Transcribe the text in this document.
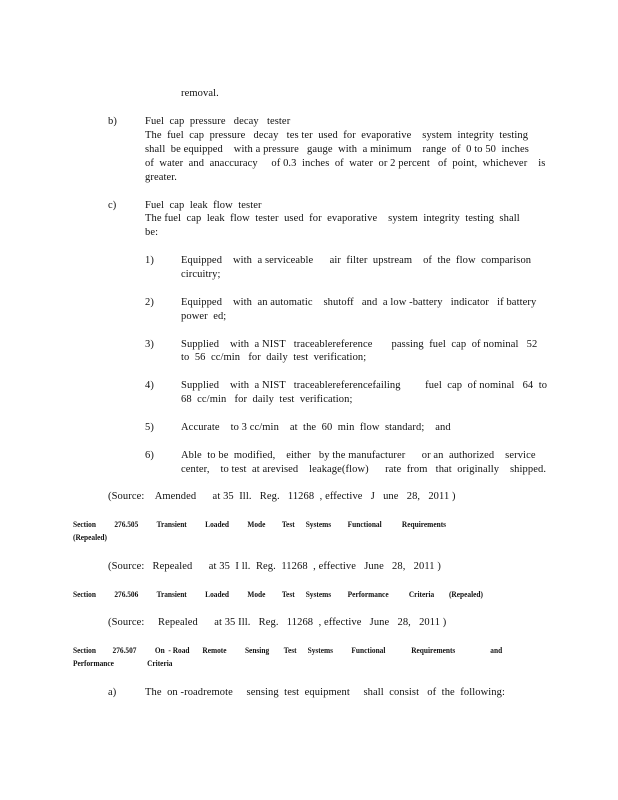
removal.
b)	Fuel  cap  pressure   decay   tester
The  fuel  cap  pressure   decay   tes ter  used  for  evaporative    system  integrity  testing
shall  be equipped    with a pressure   gauge  with  a minimum    range  of  0 to 50  inches
of  water  and  anaccuracy     of 0.3  inches  of  water  or 2 percent   of  point,  whichever    is
greater.
c)	Fuel  cap  leak  flow  tester
The fuel  cap  leak  flow  tester  used  for  evaporative    system  integrity  testing  shall
be:
1)	Equipped    with  a serviceable      air  filter  upstream    of  the  flow  comparison
circuitry;
2)	Equipped    with  an automatic    shutoff   and  a low -battery   indicator   if battery
power  ed;
3)	Supplied    with  a NIST   traceablereference       passing  fuel  cap  of nominal   52
to  56  cc/min   for  daily  test  verification;
4)	Supplied    with  a NIST   traceablereferencefailing         fuel  cap  of nominal   64  to
68  cc/min   for  daily  test  verification;
5)	Accurate    to 3 cc/min    at  the  60  min  flow  standard;    and
6)	Able  to be  modified,    either   by the manufacturer      or an  authorized    service
center,    to test  at arevised    leakage(flow)      rate  from   that  originally    shipped.
(Source:    Amended      at 35  Ill.   Reg.   11268  , effective   J   une   28,   2011 )
Section          276.505          Transient          Loaded          Mode         Test      Systems         Functional           Requirements
(Repealed)
(Source:   Repealed      at 35  I ll.  Reg.  11268  , effective   June   28,   2011 )
Section          276.506          Transient          Loaded          Mode         Test      Systems         Performance           Criteria        (Repealed)
(Source:     Repealed      at 35 Ill.   Reg.   11268  , effective   June   28,   2011 )
Section         276.507          On  - Road       Remote          Sensing        Test      Systems          Functional              Requirements                   and
Performance                  Criteria
a)	The  on -roadremote     sensing  test  equipment     shall  consist   of  the  following:
